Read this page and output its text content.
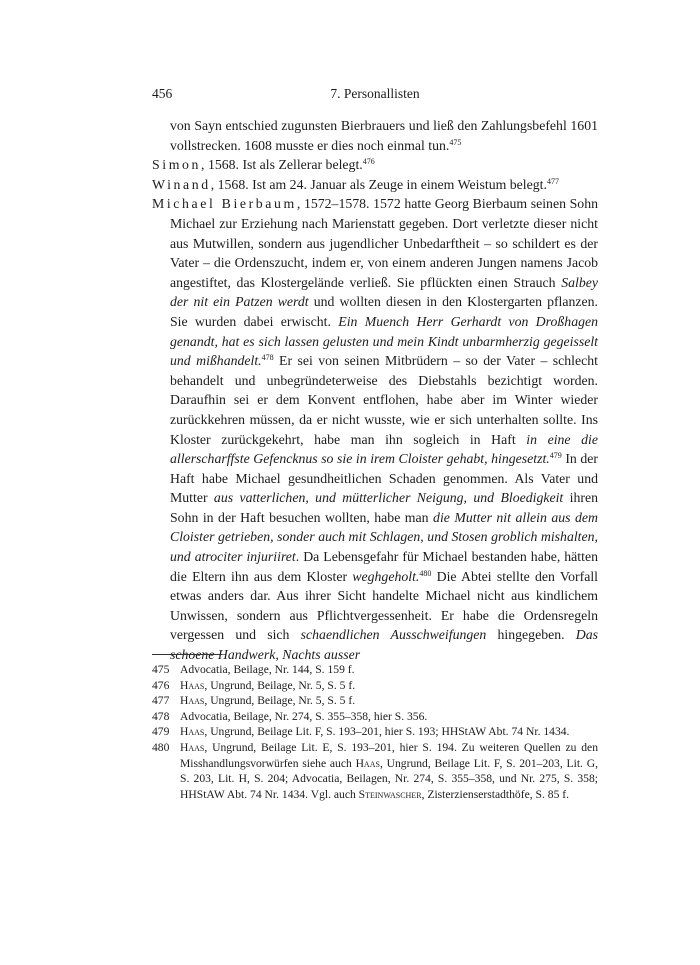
456	7. Personallisten

von Sayn entschied zugunsten Bierbrauers und ließ den Zahlungsbefehl 1601 vollstrecken. 1608 musste er dies noch einmal tun.$^{475}$

Simon, 1568. Ist als Zellerar belegt.$^{476}$

Winand, 1568. Ist am 24. Januar als Zeuge in einem Weistum belegt.$^{477}$

Michael Bierbaum, 1572–1578. 1572 hatte Georg Bierbaum seinen Sohn Michael zur Erziehung nach Marienstatt gegeben. Dort verletzte dieser nicht aus Mutwillen, sondern aus jugendlicher Unbedarftheit – so schildert es der Vater – die Ordenszucht, indem er, von einem anderen Jungen namens Jacob angestiftet, das Klostergelände verließ. Sie pflückten einen Strauch Salbey der nit ein Patzen werdt und wollten diesen in den Klostergarten pflanzen. Sie wurden dabei erwischt. Ein Muench Herr Gerhardt von Droßhagen genandt, hat es sich lassen gelusten und mein Kindt unbarmherzig gegeisselt und mißhandelt.$^{478}$ Er sei von seinen Mitbrüdern – so der Vater – schlecht behandelt und unbegründeterweise des Diebstahls bezichtigt worden. Daraufhin sei er dem Konvent entflohen, habe aber im Winter wieder zurückkehren müssen, da er nicht wusste, wie er sich unterhalten sollte. Ins Kloster zurückgekehrt, habe man ihn sogleich in Haft in eine die allerscharffste Gefencknus so sie in irem Cloister gehabt, hingesetzt.$^{479}$ In der Haft habe Michael gesundheitlichen Schaden genommen. Als Vater und Mutter aus vatterlichen, und mütterlicher Neigung, und Bloedigkeit ihren Sohn in der Haft besuchen wollten, habe man die Mutter nit allein aus dem Cloister getrieben, sonder auch mit Schlagen, und Stosen groblich mishalten, und atrociter injuriiret. Da Lebensgefahr für Michael bestanden habe, hätten die Eltern ihn aus dem Kloster weghgeholt.$^{480}$ Die Abtei stellte den Vorfall etwas anders dar. Aus ihrer Sicht handelte Michael nicht aus kindlichem Unwissen, sondern aus Pflichtvergessenheit. Er habe die Ordensregeln vergessen und sich schaendlichen Ausschweifungen hingegeben. Das schoene Handwerk, Nachts ausser

475 Advocatia, Beilage, Nr. 144, S. 159 f.
476 Haas, Ungrund, Beilage, Nr. 5, S. 5 f.
477 Haas, Ungrund, Beilage, Nr. 5, S. 5 f.
478 Advocatia, Beilage, Nr. 274, S. 355–358, hier S. 356.
479 Haas, Ungrund, Beilage Lit. F, S. 193–201, hier S. 193; HHStAW Abt. 74 Nr. 1434.
480 Haas, Ungrund, Beilage Lit. E, S. 193–201, hier S. 194. Zu weiteren Quellen zu den Misshandlungsvorwürfen siehe auch Haas, Ungrund, Beilage Lit. F, S. 201–203, Lit. G, S. 203, Lit. H, S. 204; Advocatia, Beilagen, Nr. 274, S. 355–358, und Nr. 275, S. 358; HHStAW Abt. 74 Nr. 1434. Vgl. auch Steinwascher, Zisterzienserstadthöfe, S. 85 f.
